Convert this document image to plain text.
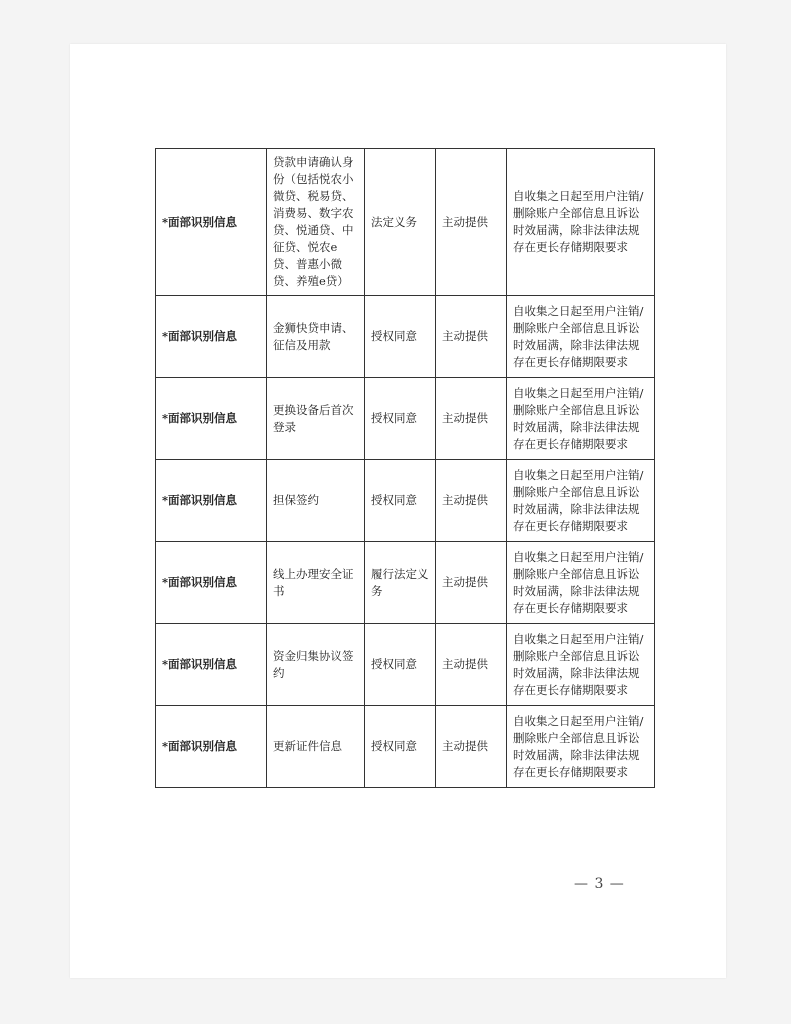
*面部识别信息	贷款申请确认身份（包括悦农小微贷、税易贷、消费易、数字农贷、悦通贷、中征贷、悦农e贷、普惠小微贷、养殖e贷）	法定义务	主动提供	自收集之日起至用户注销/删除账户全部信息且诉讼时效届满，除非法律法规存在更长存储期限要求
*面部识别信息	金狮快贷申请、征信及用款	授权同意	主动提供	自收集之日起至用户注销/删除账户全部信息且诉讼时效届满，除非法律法规存在更长存储期限要求
*面部识别信息	更换设备后首次登录	授权同意	主动提供	自收集之日起至用户注销/删除账户全部信息且诉讼时效届满，除非法律法规存在更长存储期限要求
*面部识别信息	担保签约	授权同意	主动提供	自收集之日起至用户注销/删除账户全部信息且诉讼时效届满，除非法律法规存在更长存储期限要求
*面部识别信息	线上办理安全证书	履行法定义务	主动提供	自收集之日起至用户注销/删除账户全部信息且诉讼时效届满，除非法律法规存在更长存储期限要求
*面部识别信息	资金归集协议签约	授权同意	主动提供	自收集之日起至用户注销/删除账户全部信息且诉讼时效届满，除非法律法规存在更长存储期限要求
*面部识别信息	更新证件信息	授权同意	主动提供	自收集之日起至用户注销/删除账户全部信息且诉讼时效届满，除非法律法规存在更长存储期限要求
— 3 —
